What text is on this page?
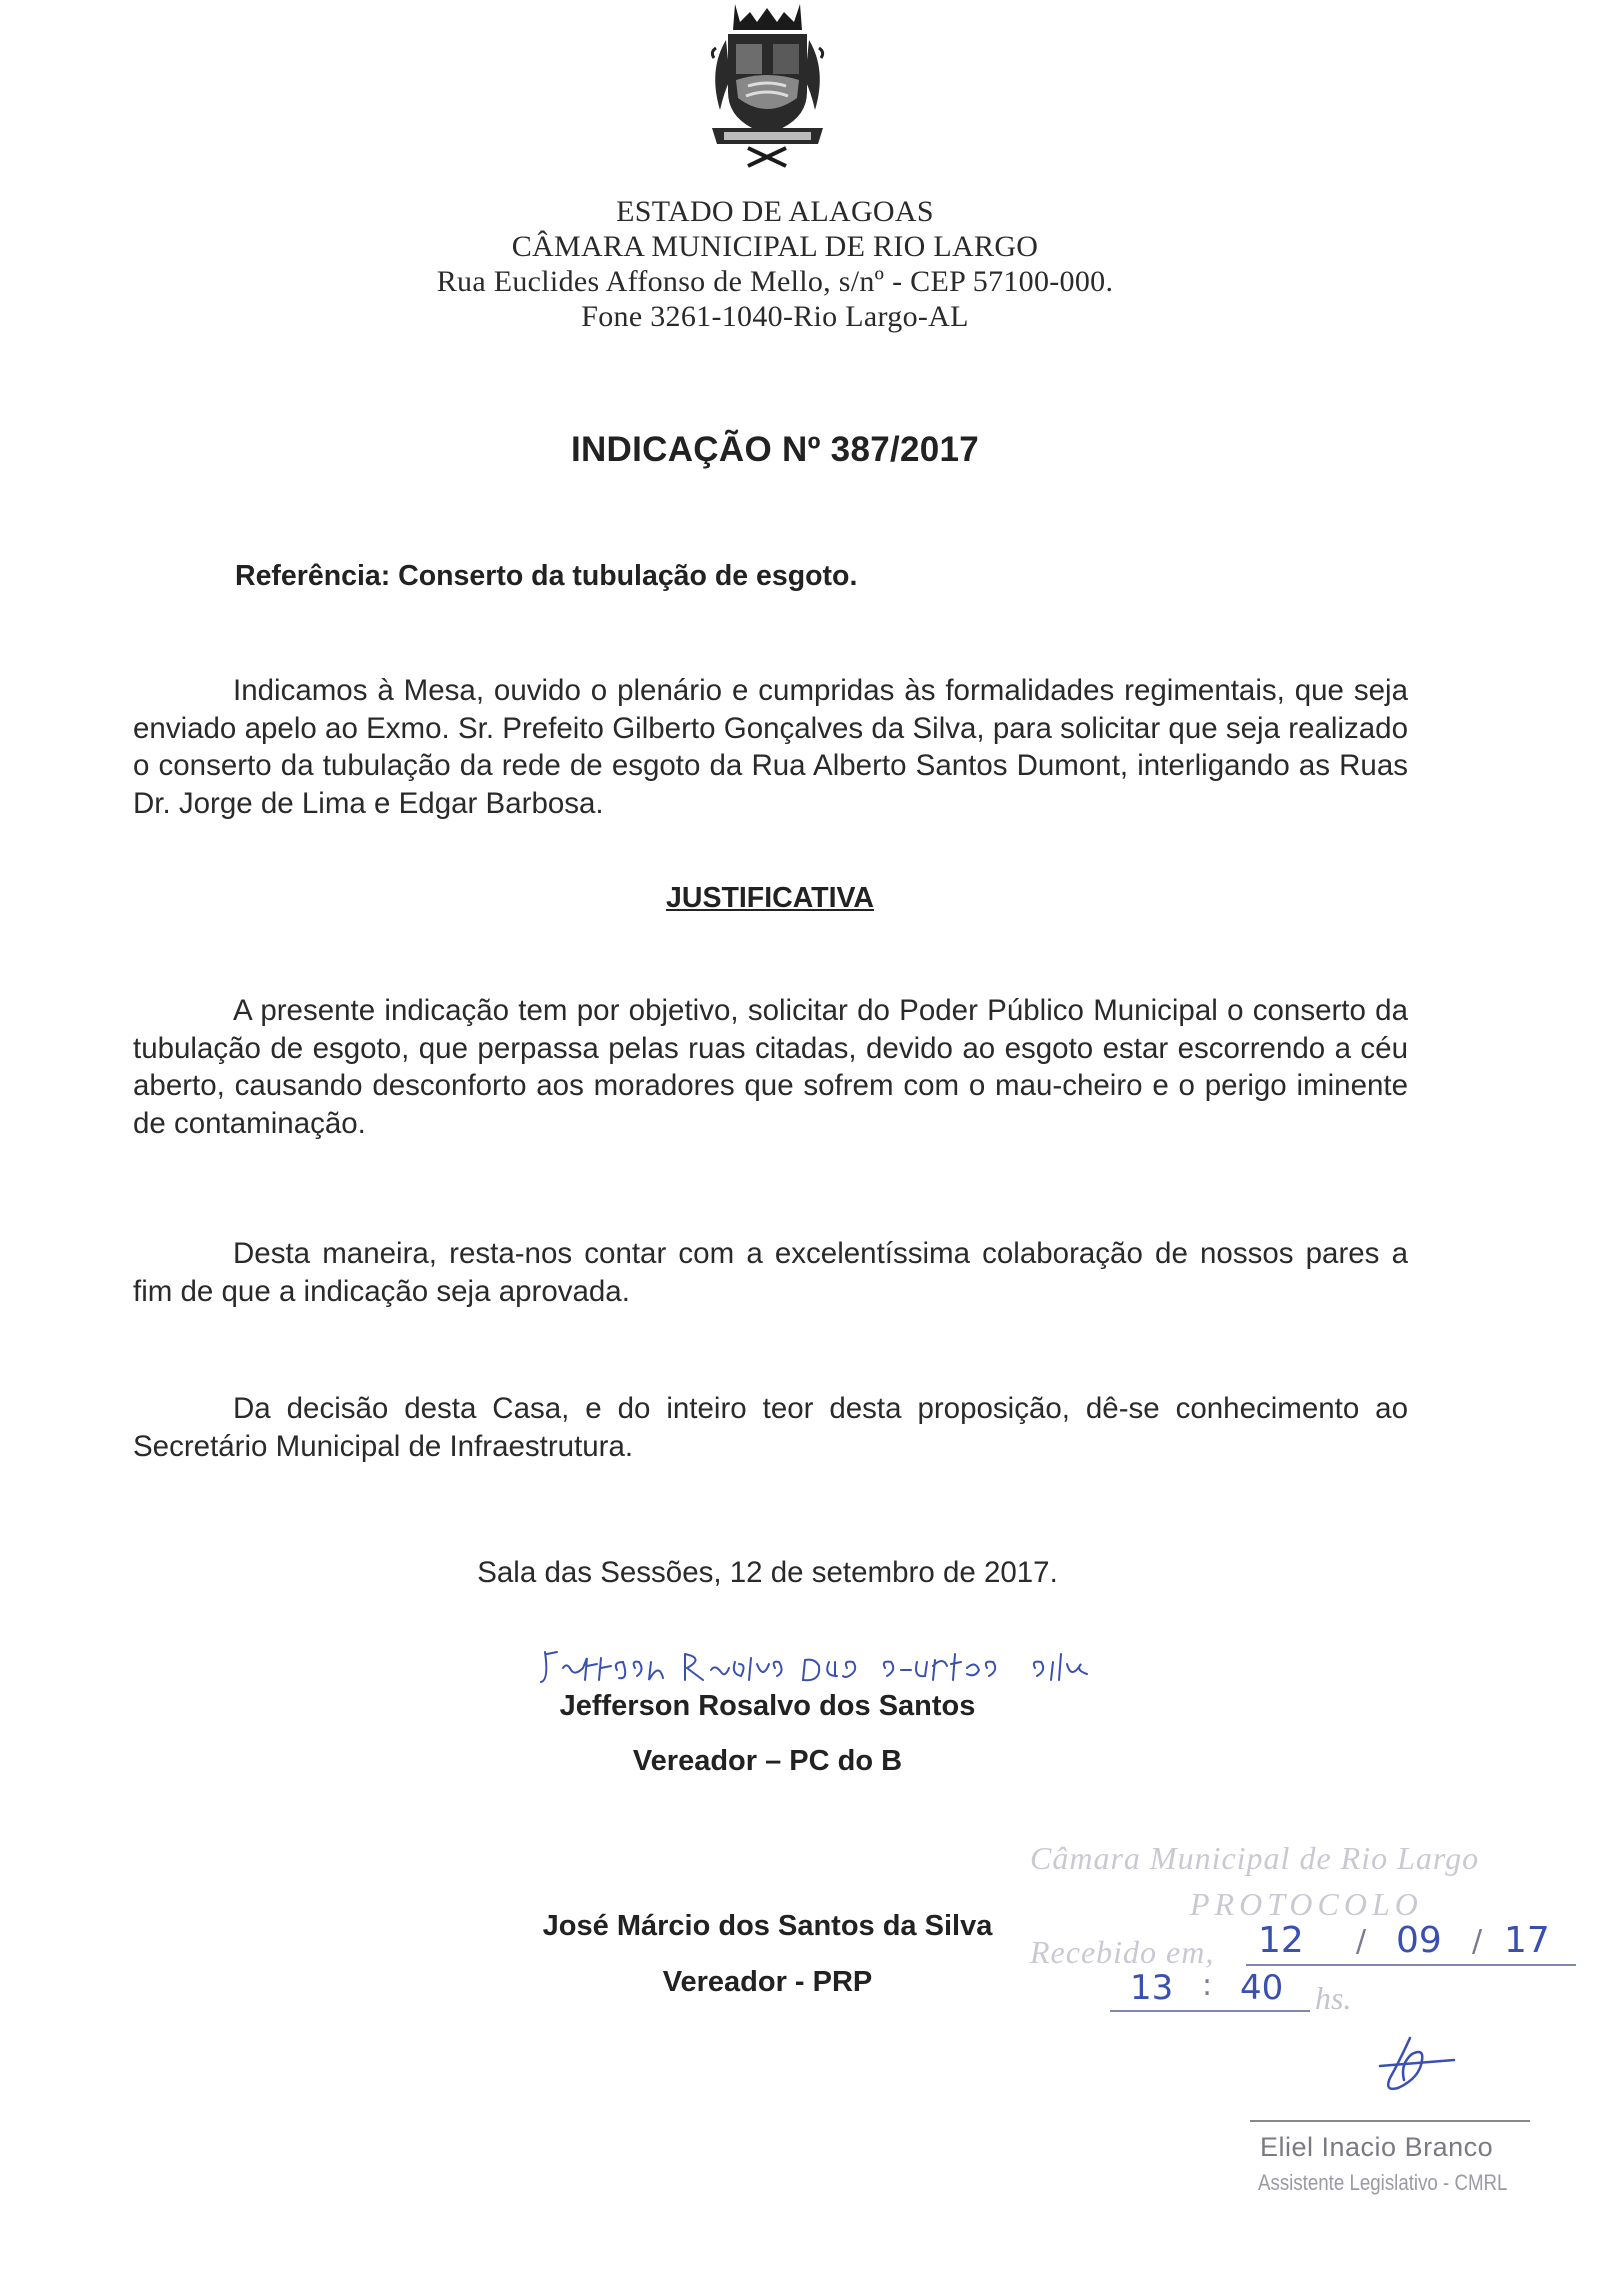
ESTADO DE ALAGOAS
CÂMARA MUNICIPAL DE RIO LARGO
Rua Euclides Affonso de Mello, s/nº - CEP 57100-000.
Fone 3261-1040-Rio Largo-AL
INDICAÇÃO Nº 387/2017
Referência: Conserto da tubulação de esgoto.
Indicamos à Mesa, ouvido o plenário e cumpridas às formalidades regimentais, que seja enviado apelo ao Exmo. Sr. Prefeito Gilberto Gonçalves da Silva, para solicitar que seja realizado o conserto da tubulação da rede de esgoto da Rua Alberto Santos Dumont, interligando as Ruas Dr. Jorge de Lima e Edgar Barbosa.
JUSTIFICATIVA
A presente indicação tem por objetivo, solicitar do Poder Público Municipal o conserto da tubulação de esgoto, que perpassa pelas ruas citadas, devido ao esgoto estar escorrendo a céu aberto, causando desconforto aos moradores que sofrem com o mau-cheiro e o perigo iminente de contaminação.
Desta maneira, resta-nos contar com a excelentíssima colaboração de nossos pares a fim de que a indicação seja aprovada.
Da decisão desta Casa, e do inteiro teor desta proposição, dê-se conhecimento ao Secretário Municipal de Infraestrutura.
Sala das Sessões, 12 de setembro de 2017.
Jefferson Rosalvo dos Santos
Vereador – PC do B
José Márcio dos Santos da Silva
Vereador - PRP
Câmara Municipal de Rio Largo
PROTOCOLO
Recebido em, 12 / 09 / 17
13 : 40 hs.
Eliel Inacio Branco
Assistente Legislativo - CMRL
